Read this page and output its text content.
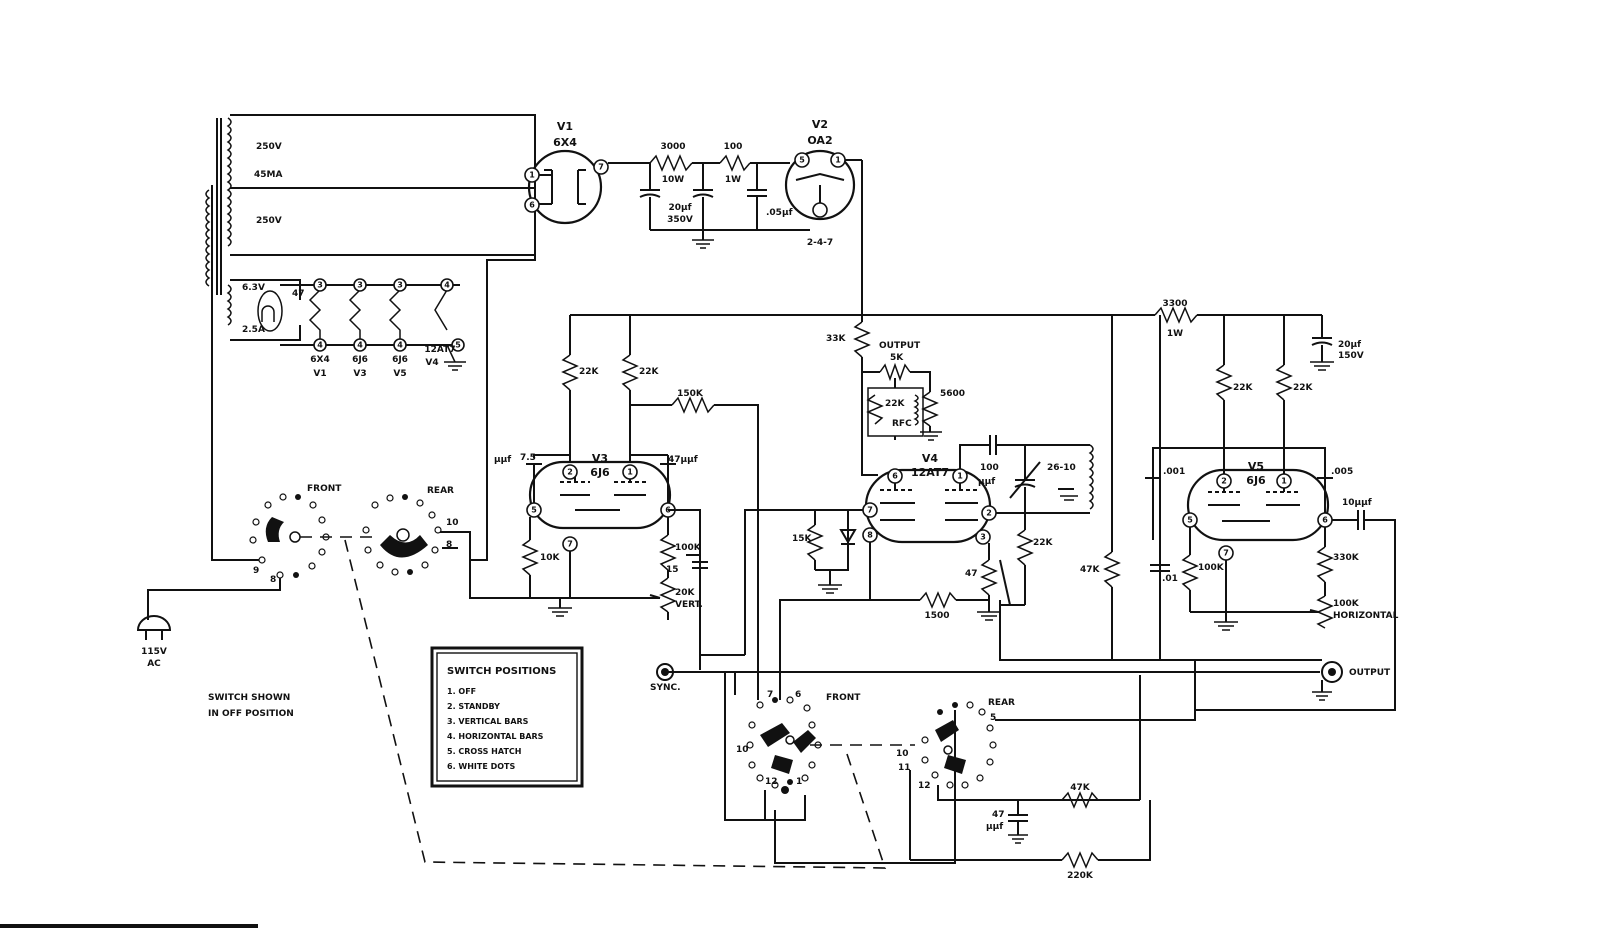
250V
45MA
250V
6.3V
2.5A
47
3	3	3	4
4	4	4	5
6X4
V1
6J6
V3
6J6
V5
12AT7
V4
1
6
7
V1
6X4	3000
10W
100
1W
20µf
350V
.05µf
5	1
V2
OA2
2-4-7
3300
1W
20µf
150V
22K	22K
150K
2	1
5	6
7
V3
6J6
7.5
µµf	47µµf
10K
100K
20K
VERT.
15
33K
OUTPUT
5K
5600
22K
RFC
6	1
7	2
8	3
V4
12AT7	100
µµf
26-10
22K
47
1500
15K
47K
22K	22K
.001	.005
2	1
5	6
7
V5
6J6
10µµf
100K
330K
100K
HORIZONTAL
.01
OUTPUT
SYNC.
FRONT
7 6
10
12 1
REAR
5
10
11
12	47K
47
µµf
220K
FRONT
9
8
REAR
10
8
115V
AC
SWITCH SHOWN
IN OFF POSITION
SWITCH POSITIONS
1. OFF
2. STANDBY
3. VERTICAL BARS
4. HORIZONTAL BARS
5. CROSS HATCH
6. WHITE DOTS
